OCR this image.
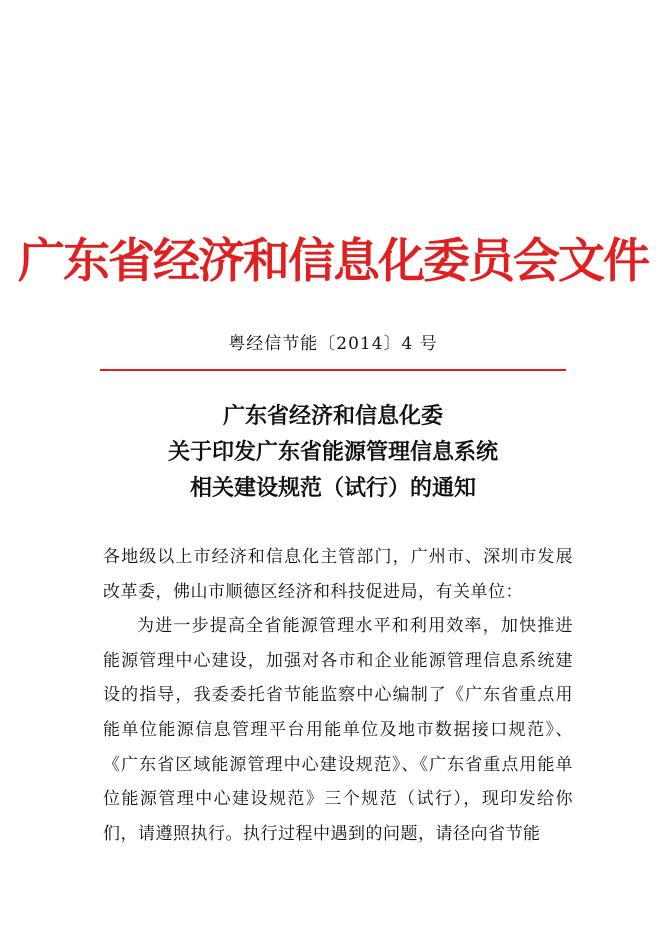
广东省经济和信息化委员会文件
粤经信节能〔2014〕4 号
广东省经济和信息化委
关于印发广东省能源管理信息系统
相关建设规范（试行）的通知

各地级以上市经济和信息化主管部门，广州市、深圳市发展改革委，佛山市顺德区经济和科技促进局，有关单位：

为进一步提高全省能源管理水平和利用效率，加快推进能源管理中心建设，加强对各市和企业能源管理信息系统建设的指导，我委委托省节能监察中心编制了《广东省重点用能单位能源信息管理平台用能单位及地市数据接口规范》、《广东省区域能源管理中心建设规范》、《广东省重点用能单位能源管理中心建设规范》三个规范（试行），现印发给你们，请遵照执行。执行过程中遇到的问题，请径向省节能
